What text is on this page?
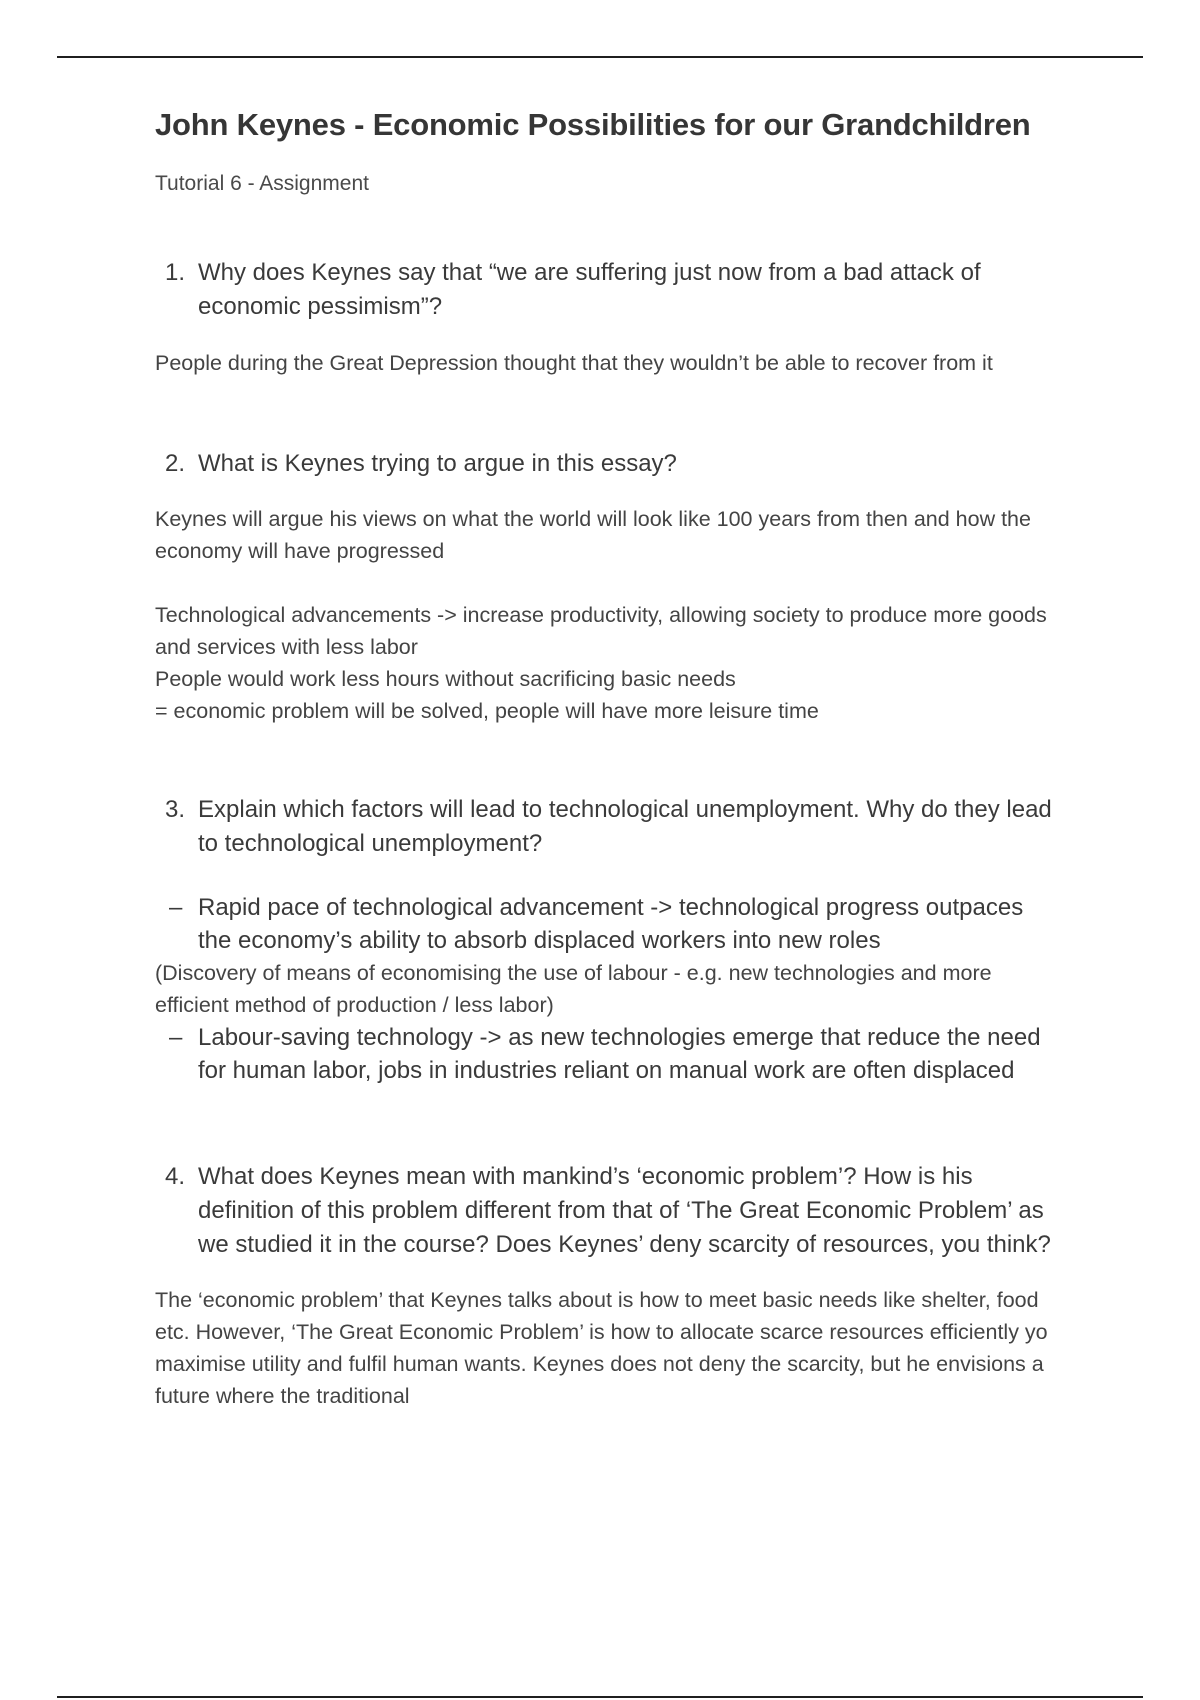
John Keynes - Economic Possibilities for our Grandchildren
Tutorial 6 - Assignment
1. Why does Keynes say that “we are suffering just now from a bad attack of economic pessimism”?

People during the Great Depression thought that they wouldn’t be able to recover from it

2. What is Keynes trying to argue in this essay?

Keynes will argue his views on what the world will look like 100 years from then and how the economy will have progressed

Technological advancements -> increase productivity, allowing society to produce more goods and services with less labor

People would work less hours without sacrificing basic needs

= economic problem will be solved, people will have more leisure time

3. Explain which factors will lead to technological unemployment. Why do they lead to technological unemployment?
– Rapid pace of technological advancement -> technological progress outpaces the economy’s ability to absorb displaced workers into new roles
(Discovery of means of economising the use of labour - e.g. new technologies and more efficient method of production / less labor)
– Labour-saving technology -> as new technologies emerge that reduce the need for human labor, jobs in industries reliant on manual work are often displaced
4. What does Keynes mean with mankind’s ‘economic problem’? How is his definition of this problem different from that of ‘The Great Economic Problem’ as we studied it in the course? Does Keynes’ deny scarcity of resources, you think?

The ‘economic problem’ that Keynes talks about is how to meet basic needs like shelter, food etc. However, ‘The Great Economic Problem’ is how to allocate scarce resources efficiently yo maximise utility and fulfil human wants. Keynes does not deny the scarcity, but he envisions a future where the traditional
